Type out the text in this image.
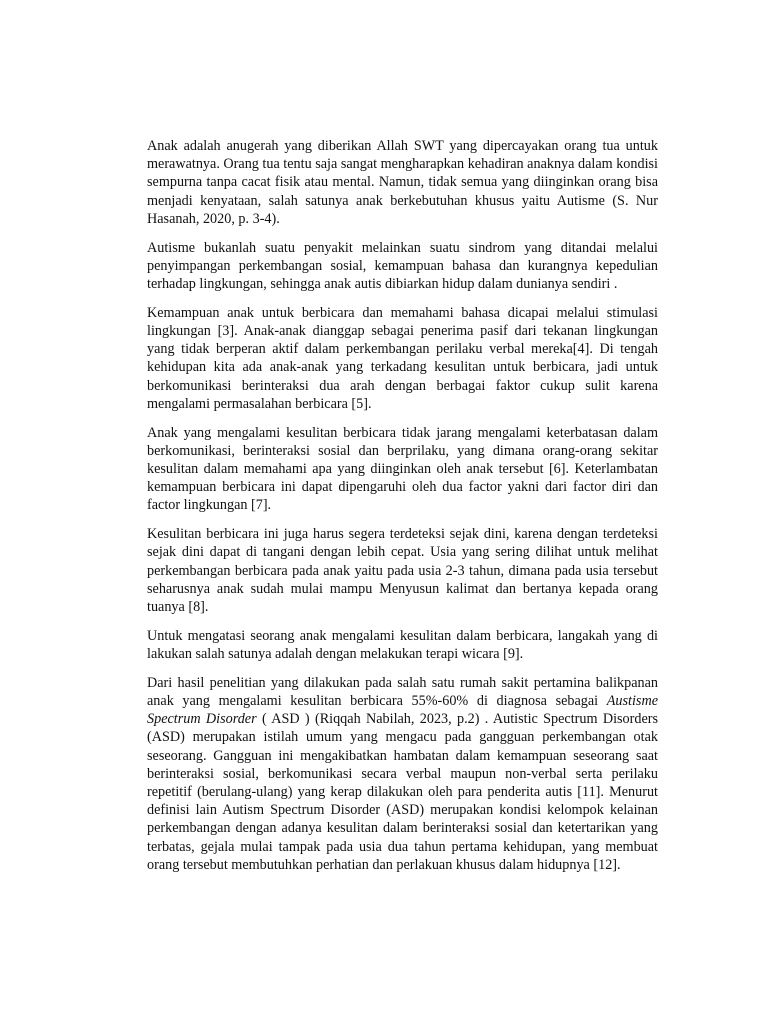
Anak adalah anugerah yang diberikan Allah SWT yang dipercayakan orang tua untuk merawatnya. Orang tua tentu saja sangat mengharapkan kehadiran anaknya dalam kondisi sempurna tanpa cacat fisik atau mental. Namun, tidak semua yang diinginkan orang bisa menjadi kenyataan, salah satunya anak berkebutuhan khusus yaitu Autisme (S. Nur Hasanah, 2020, p. 3-4).

Autisme bukanlah suatu penyakit melainkan suatu sindrom yang ditandai melalui penyimpangan perkembangan sosial, kemampuan bahasa dan kurangnya kepedulian terhadap lingkungan, sehingga anak autis dibiarkan hidup dalam dunianya sendiri .

Kemampuan anak untuk berbicara dan memahami bahasa dicapai melalui stimulasi lingkungan [3]. Anak-anak dianggap sebagai penerima pasif dari tekanan lingkungan yang tidak berperan aktif dalam perkembangan perilaku verbal mereka[4]. Di tengah kehidupan kita ada anak-anak yang terkadang kesulitan untuk berbicara, jadi untuk berkomunikasi berinteraksi dua arah dengan berbagai faktor cukup sulit karena mengalami permasalahan berbicara [5].

Anak yang mengalami kesulitan berbicara tidak jarang mengalami keterbatasan dalam berkomunikasi, berinteraksi sosial dan berprilaku, yang dimana orang-orang sekitar kesulitan dalam memahami apa yang diinginkan oleh anak tersebut [6]. Keterlambatan kemampuan berbicara ini dapat dipengaruhi oleh dua factor yakni dari factor diri dan factor lingkungan [7].

Kesulitan berbicara ini juga harus segera terdeteksi sejak dini, karena dengan terdeteksi sejak dini dapat di tangani dengan lebih cepat. Usia yang sering dilihat untuk melihat perkembangan berbicara pada anak yaitu pada usia 2-3 tahun, dimana pada usia tersebut seharusnya anak sudah mulai mampu Menyusun kalimat dan bertanya kepada orang tuanya [8].

Untuk mengatasi seorang anak mengalami kesulitan dalam berbicara, langakah yang di lakukan salah satunya adalah dengan melakukan terapi wicara [9].

Dari hasil penelitian yang dilakukan pada salah satu rumah sakit pertamina balikpanan anak yang mengalami kesulitan berbicara 55%-60% di diagnosa sebagai Austisme Spectrum Disorder ( ASD ) (Riqqah Nabilah, 2023, p.2) . Autistic Spectrum Disorders (ASD) merupakan istilah umum yang mengacu pada gangguan perkembangan otak seseorang. Gangguan ini mengakibatkan hambatan dalam kemampuan seseorang saat berinteraksi sosial, berkomunikasi secara verbal maupun non-verbal serta perilaku repetitif (berulang-ulang) yang kerap dilakukan oleh para penderita autis [11]. Menurut definisi lain Autism Spectrum Disorder (ASD) merupakan kondisi kelompok kelainan perkembangan dengan adanya kesulitan dalam berinteraksi sosial dan ketertarikan yang terbatas, gejala mulai tampak pada usia dua tahun pertama kehidupan, yang membuat orang tersebut membutuhkan perhatian dan perlakuan khusus dalam hidupnya [12].
